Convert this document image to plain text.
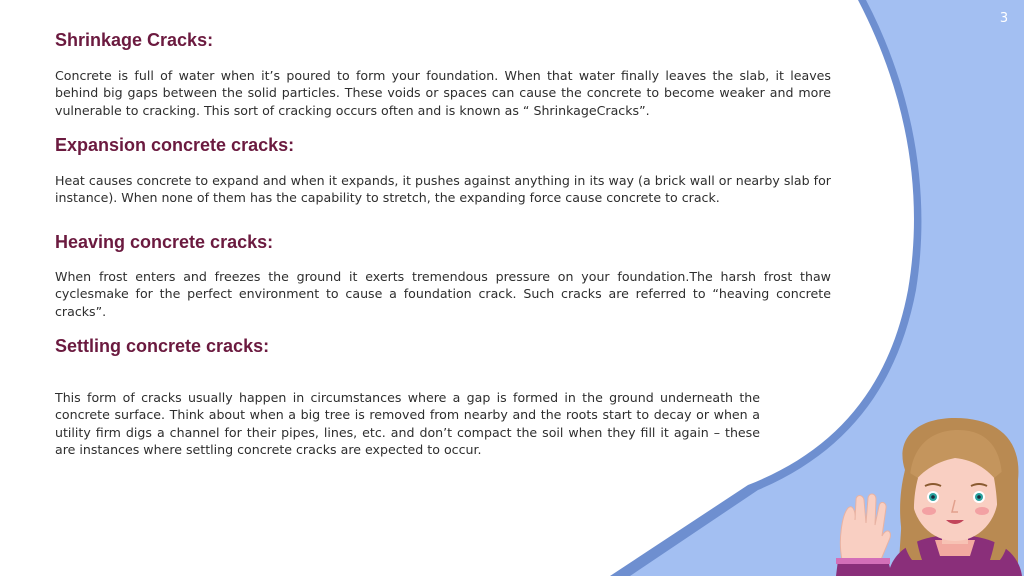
3
Shrinkage Cracks:

Concrete is full of water when it’s poured to form your foundation. When that water finally leaves the slab, it leaves behind big gaps between the solid particles. These voids or spaces can cause the concrete to become weaker and more vulnerable to cracking. This sort of cracking occurs often and is known as “ ShrinkageCracks”.

Expansion concrete cracks:

Heat causes concrete to expand and when it expands, it pushes against anything in its way (a brick wall or nearby slab for instance). When none of them has the capability to stretch, the expanding force cause concrete to crack.

Heaving concrete cracks:

When frost enters and freezes the ground it exerts tremendous pressure on your foundation.The harsh frost thaw cyclesmake for the perfect environment to cause a foundation crack. Such cracks are referred to “heaving concrete cracks”.

Settling concrete cracks:

This form of cracks usually happen in circumstances where a gap is formed in the ground underneath the concrete surface. Think about when a big tree is removed from nearby and the roots start to decay or when a utility firm digs a channel for their pipes, lines, etc. and don’t compact the soil when they fill it again – these are instances where settling concrete cracks are expected to occur.
